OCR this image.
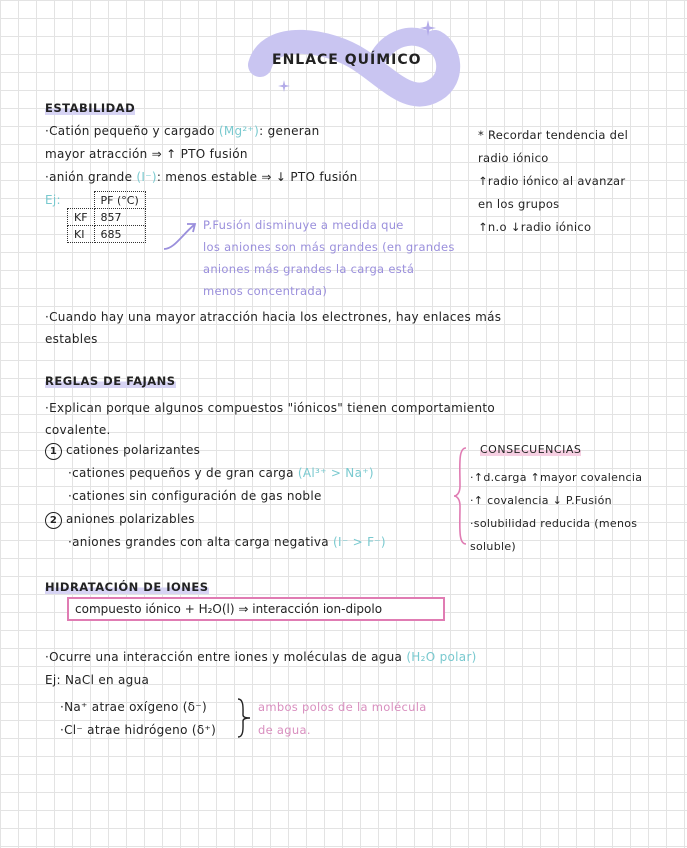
ENLACE QUÍMICO
ESTABILIDAD
·Catión pequeño y cargado (Mg²⁺): generan
mayor atracción ⇒ ↑ PTO fusión
·anión grande (I⁻): menos estable ⇒ ↓ PTO fusión
Ej:
		PF (°C)
KF	857
KI	685
P.Fusión disminuye a medida que
los aniones son más grandes (en grandes
aniones más grandes la carga está
menos concentrada)
* Recordar tendencia del
radio iónico
↑radio iónico al avanzar
en los grupos
↑n.o ↓radio iónico
·Cuando hay una mayor atracción hacia los electrones, hay enlaces más
estables
REGLAS DE FAJANS
·Explican porque algunos compuestos "iónicos" tienen comportamiento
covalente.
1 cationes polarizantes
·cationes pequeños y de gran carga (Al³⁺ > Na⁺)
·cationes sin configuración de gas noble
2 aniones polarizables
·aniones grandes con alta carga negativa (I⁻ > F⁻)
CONSECUENCIAS
·↑d.carga ↑mayor covalencia
·↑ covalencia ↓ P.Fusión
·solubilidad reducida (menos
soluble)
HIDRATACIÓN DE IONES
compuesto iónico + H₂O(l) ⇒ interacción ion-dipolo
·Ocurre una interacción entre iones y moléculas de agua (H₂O polar)
Ej: NaCl en agua
·Na⁺ atrae oxígeno (δ⁻)
·Cl⁻ atrae hidrógeno (δ⁺)
ambos polos de la molécula
de agua.
